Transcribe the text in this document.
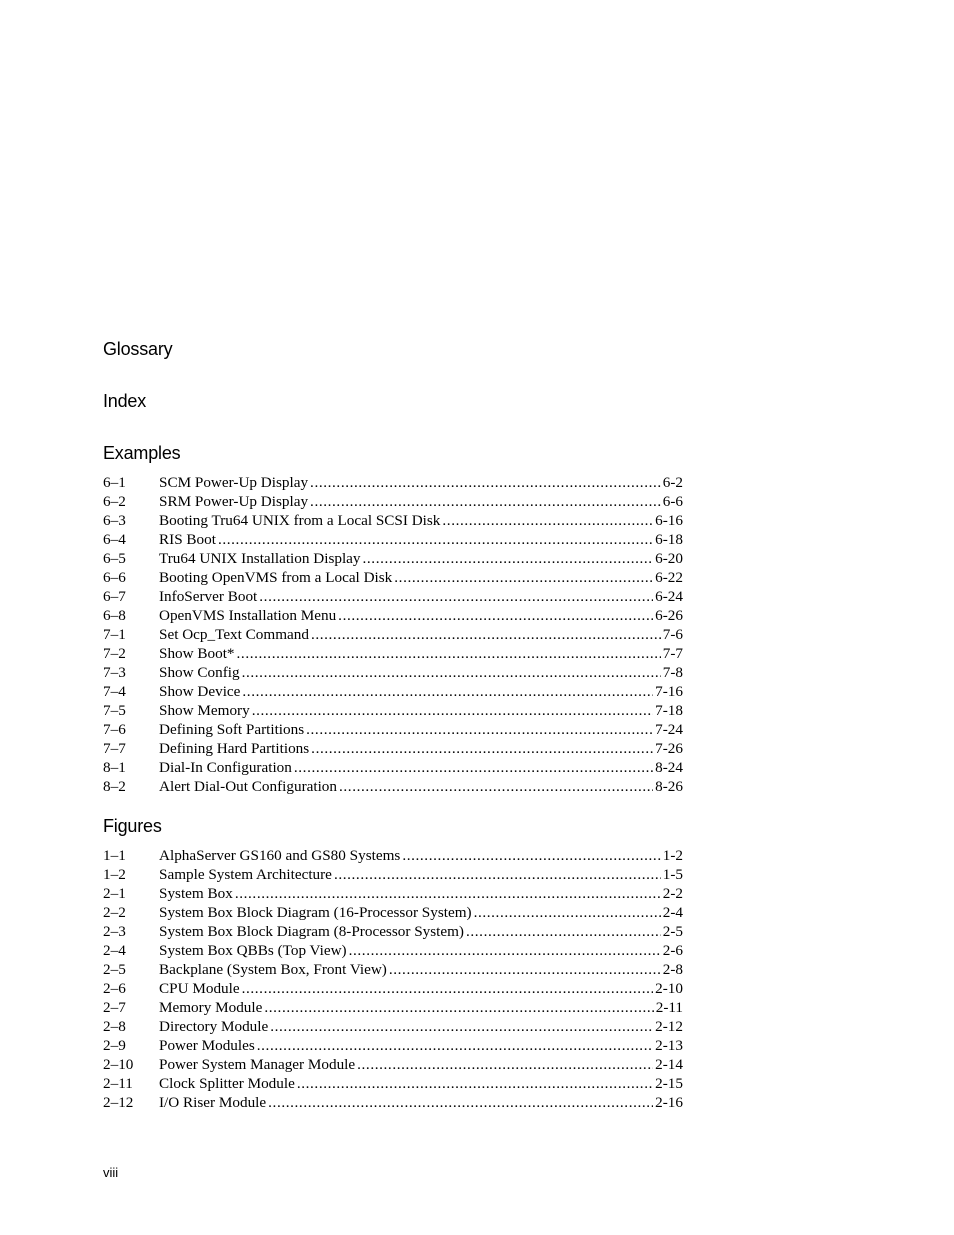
Glossary
Index
Examples
6–1	SCM Power-Up Display .....	6-2
6–2	SRM Power-Up Display .....	6-6
6–3	Booting Tru64 UNIX from a Local SCSI Disk .....	6-16
6–4	RIS Boot .....	6-18
6–5	Tru64 UNIX Installation Display .....	6-20
6–6	Booting OpenVMS from a Local Disk .....	6-22
6–7	InfoServer Boot .....	6-24
6–8	OpenVMS Installation Menu .....	6-26
7–1	Set Ocp_Text Command .....	7-6
7–2	Show Boot* .....	7-7
7–3	Show Config .....	7-8
7–4	Show Device .....	7-16
7–5	Show Memory .....	7-18
7–6	Defining Soft Partitions .....	7-24
7–7	Defining Hard Partitions .....	7-26
8–1	Dial-In Configuration .....	8-24
8–2	Alert Dial-Out Configuration .....	8-26
Figures
1–1	AlphaServer GS160 and GS80 Systems .....	1-2
1–2	Sample System Architecture .....	1-5
2–1	System Box .....	2-2
2–2	System Box Block Diagram (16-Processor System) .....	2-4
2–3	System Box Block Diagram (8-Processor System) .....	2-5
2–4	System Box QBBs (Top View) .....	2-6
2–5	Backplane (System Box, Front View) .....	2-8
2–6	CPU Module .....	2-10
2–7	Memory Module .....	2-11
2–8	Directory Module .....	2-12
2–9	Power Modules .....	2-13
2–10	Power System Manager Module .....	2-14
2–11	Clock Splitter Module .....	2-15
2–12	I/O Riser Module .....	2-16
viii
